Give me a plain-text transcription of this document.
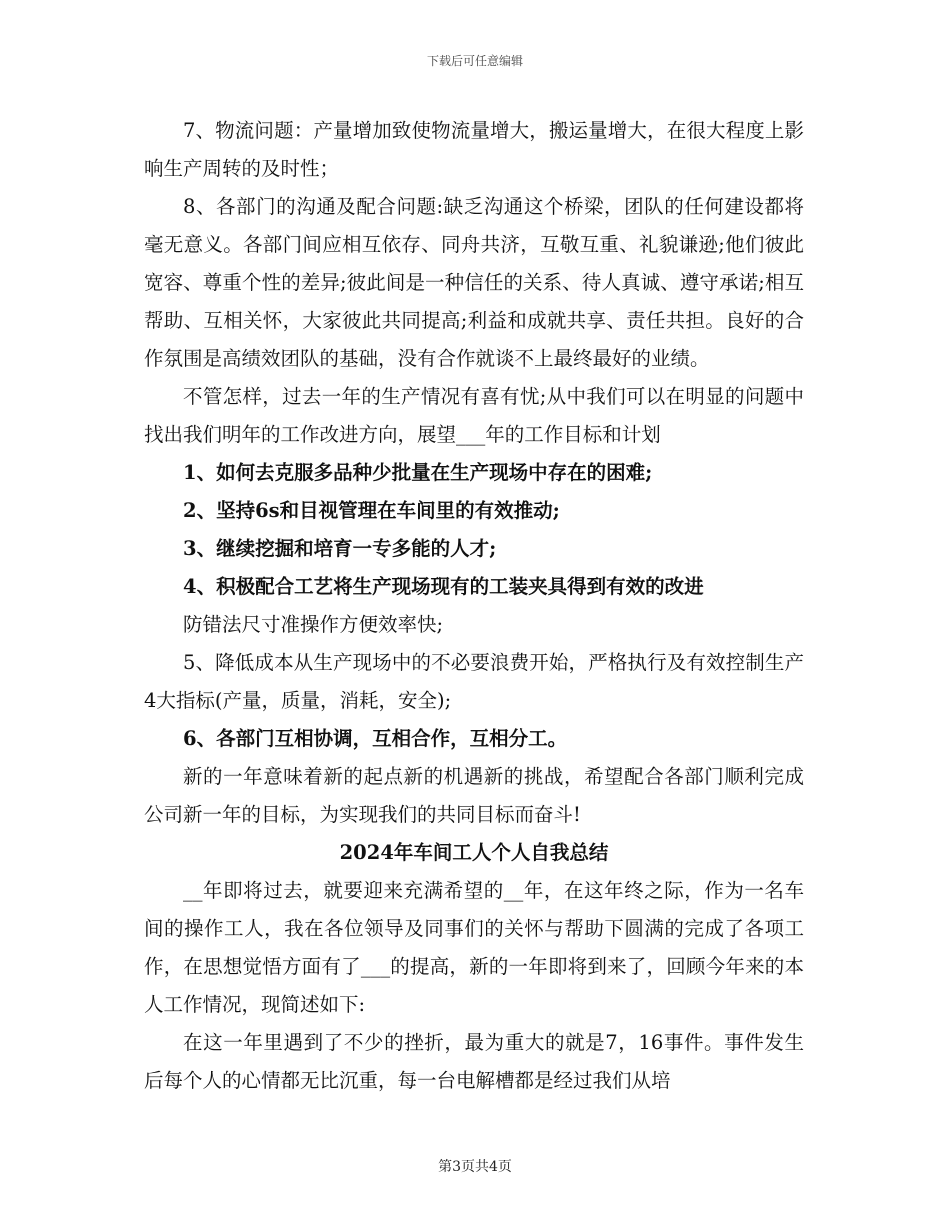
下载后可任意编辑

7、物流问题：产量增加致使物流量增大，搬运量增大，在很大程度上影响生产周转的及时性；

8、各部门的沟通及配合问题:缺乏沟通这个桥梁，团队的任何建设都将毫无意义。各部门间应相互依存、同舟共济，互敬互重、礼貌谦逊;他们彼此宽容、尊重个性的差异;彼此间是一种信任的关系、待人真诚、遵守承诺;相互帮助、互相关怀，大家彼此共同提高;利益和成就共享、责任共担。良好的合作氛围是高绩效团队的基础，没有合作就谈不上最终最好的业绩。

不管怎样，过去一年的生产情况有喜有忧;从中我们可以在明显的问题中找出我们明年的工作改进方向，展望___年的工作目标和计划

1、如何去克服多品种少批量在生产现场中存在的困难;

2、坚持6s和目视管理在车间里的有效推动;

3、继续挖掘和培育一专多能的人才;

4、积极配合工艺将生产现场现有的工装夹具得到有效的改进

防错法尺寸准操作方便效率快;

5、降低成本从生产现场中的不必要浪费开始，严格执行及有效控制生产4大指标(产量，质量，消耗，安全);

6、各部门互相协调，互相合作，互相分工。

新的一年意味着新的起点新的机遇新的挑战，希望配合各部门顺利完成公司新一年的目标，为实现我们的共同目标而奋斗!

2024年车间工人个人自我总结

__年即将过去，就要迎来充满希望的__年，在这年终之际，作为一名车间的操作工人，我在各位领导及同事们的关怀与帮助下圆满的完成了各项工作，在思想觉悟方面有了___的提高，新的一年即将到来了，回顾今年来的本人工作情况，现简述如下:

在这一年里遇到了不少的挫折，最为重大的就是7，16事件。事件发生后每个人的心情都无比沉重，每一台电解槽都是经过我们从培

第3页共4页
